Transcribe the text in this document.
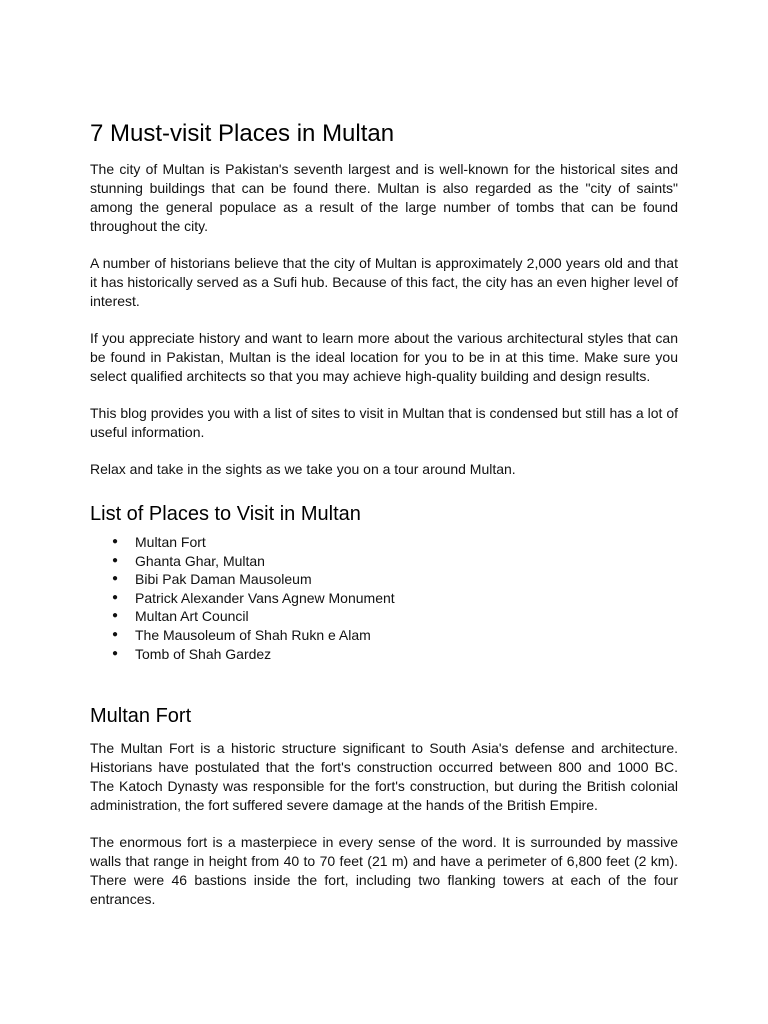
7 Must-visit Places in Multan

The city of Multan is Pakistan's seventh largest and is well-known for the historical sites and stunning buildings that can be found there. Multan is also regarded as the "city of saints" among the general populace as a result of the large number of tombs that can be found throughout the city.

A number of historians believe that the city of Multan is approximately 2,000 years old and that it has historically served as a Sufi hub. Because of this fact, the city has an even higher level of interest.

If you appreciate history and want to learn more about the various architectural styles that can be found in Pakistan, Multan is the ideal location for you to be in at this time. Make sure you select qualified architects so that you may achieve high-quality building and design results.

This blog provides you with a list of sites to visit in Multan that is condensed but still has a lot of useful information.

Relax and take in the sights as we take you on a tour around Multan.

List of Places to Visit in Multan
● Multan Fort
● Ghanta Ghar, Multan
● Bibi Pak Daman Mausoleum
● Patrick Alexander Vans Agnew Monument
● Multan Art Council
● The Mausoleum of Shah Rukn e Alam
● Tomb of Shah Gardez
Multan Fort

The Multan Fort is a historic structure significant to South Asia's defense and architecture. Historians have postulated that the fort's construction occurred between 800 and 1000 BC. The Katoch Dynasty was responsible for the fort's construction, but during the British colonial administration, the fort suffered severe damage at the hands of the British Empire.

The enormous fort is a masterpiece in every sense of the word. It is surrounded by massive walls that range in height from 40 to 70 feet (21 m) and have a perimeter of 6,800 feet (2 km). There were 46 bastions inside the fort, including two flanking towers at each of the four entrances.
